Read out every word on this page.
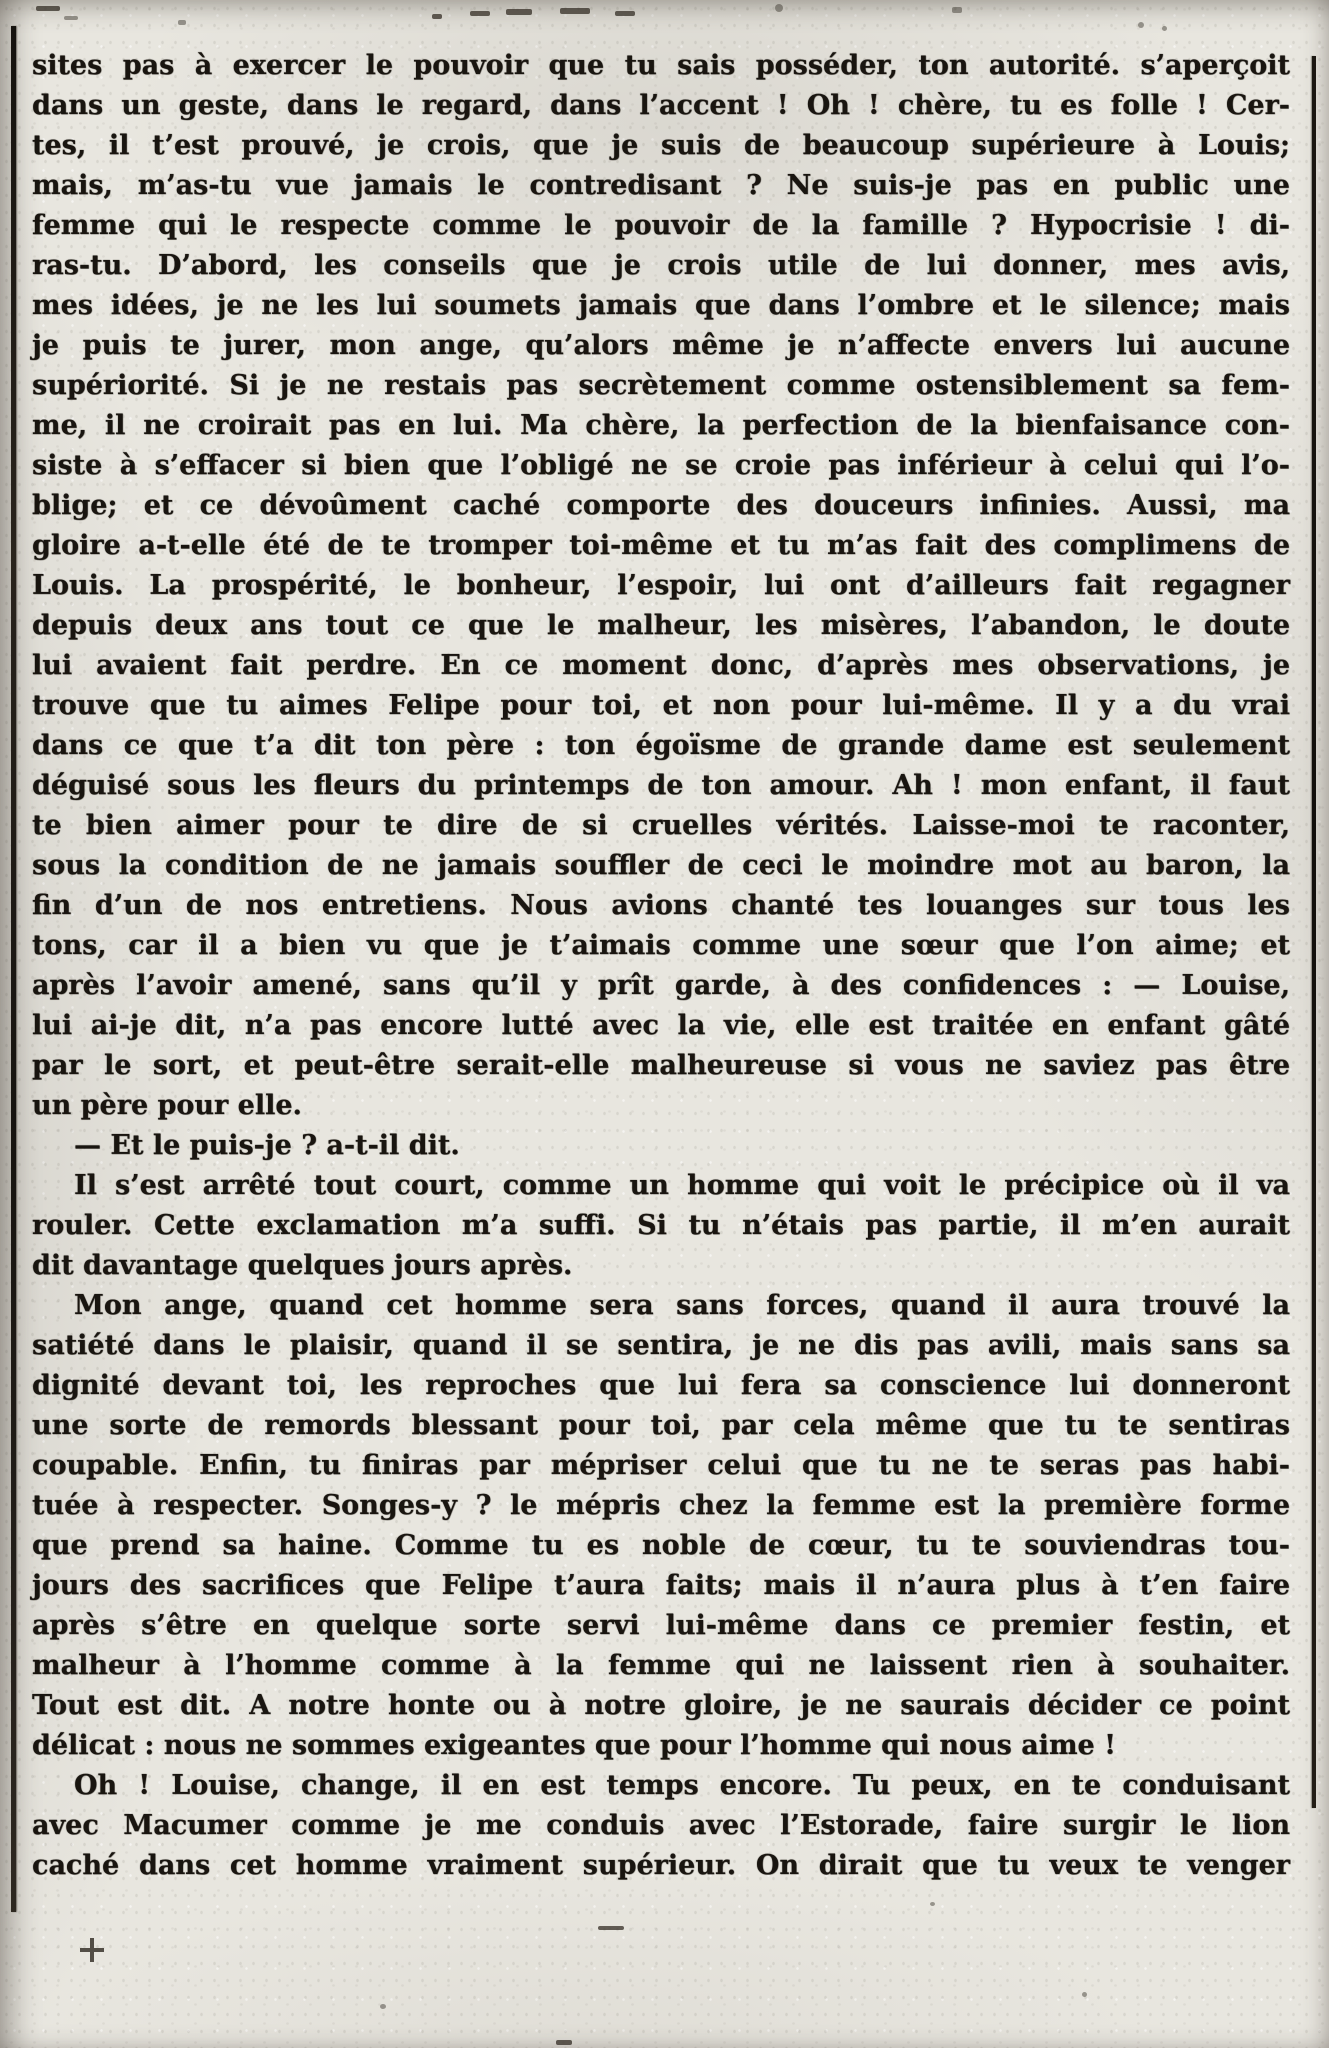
sites pas à exercer le pouvoir que tu sais posséder, ton autorité. s’aperçoit
dans un geste, dans le regard, dans l’accent ! Oh ! chère, tu es folle ! Cer-
tes, il t’est prouvé, je crois, que je suis de beaucoup supérieure à Louis;
mais, m’as-tu vue jamais le contredisant ? Ne suis-je pas en public une
femme qui le respecte comme le pouvoir de la famille ? Hypocrisie ! di-
ras-tu. D’abord, les conseils que je crois utile de lui donner, mes avis,
mes idées, je ne les lui soumets jamais que dans l’ombre et le silence; mais
je puis te jurer, mon ange, qu’alors même je n’affecte envers lui aucune
supériorité. Si je ne restais pas secrètement comme ostensiblement sa fem-
me, il ne croirait pas en lui. Ma chère, la perfection de la bienfaisance con-
siste à s’effacer si bien que l’obligé ne se croie pas inférieur à celui qui l’o-
blige; et ce dévoûment caché comporte des douceurs infinies. Aussi, ma
gloire a-t-elle été de te tromper toi-même et tu m’as fait des complimens de
Louis. La prospérité, le bonheur, l’espoir, lui ont d’ailleurs fait regagner
depuis deux ans tout ce que le malheur, les misères, l’abandon, le doute
lui avaient fait perdre. En ce moment donc, d’après mes observations, je
trouve que tu aimes Felipe pour toi, et non pour lui-même. Il y a du vrai
dans ce que t’a dit ton père : ton égoïsme de grande dame est seulement
déguisé sous les fleurs du printemps de ton amour. Ah ! mon enfant, il faut
te bien aimer pour te dire de si cruelles vérités. Laisse-moi te raconter,
sous la condition de ne jamais souffler de ceci le moindre mot au baron, la
fin d’un de nos entretiens. Nous avions chanté tes louanges sur tous les
tons, car il a bien vu que je t’aimais comme une sœur que l’on aime; et
après l’avoir amené, sans qu’il y prît garde, à des confidences : — Louise,
lui ai-je dit, n’a pas encore lutté avec la vie, elle est traitée en enfant gâté
par le sort, et peut-être serait-elle malheureuse si vous ne saviez pas être
un père pour elle.
— Et le puis-je ? a-t-il dit.
Il s’est arrêté tout court, comme un homme qui voit le précipice où il va
rouler. Cette exclamation m’a suffi. Si tu n’étais pas partie, il m’en aurait
dit davantage quelques jours après.
Mon ange, quand cet homme sera sans forces, quand il aura trouvé la
satiété dans le plaisir, quand il se sentira, je ne dis pas avili, mais sans sa
dignité devant toi, les reproches que lui fera sa conscience lui donneront
une sorte de remords blessant pour toi, par cela même que tu te sentiras
coupable. Enfin, tu finiras par mépriser celui que tu ne te seras pas habi-
tuée à respecter. Songes-y ? le mépris chez la femme est la première forme
que prend sa haine. Comme tu es noble de cœur, tu te souviendras tou-
jours des sacrifices que Felipe t’aura faits; mais il n’aura plus à t’en faire
après s’être en quelque sorte servi lui-même dans ce premier festin, et
malheur à l’homme comme à la femme qui ne laissent rien à souhaiter.
Tout est dit. A notre honte ou à notre gloire, je ne saurais décider ce point
délicat : nous ne sommes exigeantes que pour l’homme qui nous aime !
Oh ! Louise, change, il en est temps encore. Tu peux, en te conduisant
avec Macumer comme je me conduis avec l’Estorade, faire surgir le lion
caché dans cet homme vraiment supérieur. On dirait que tu veux te venger
